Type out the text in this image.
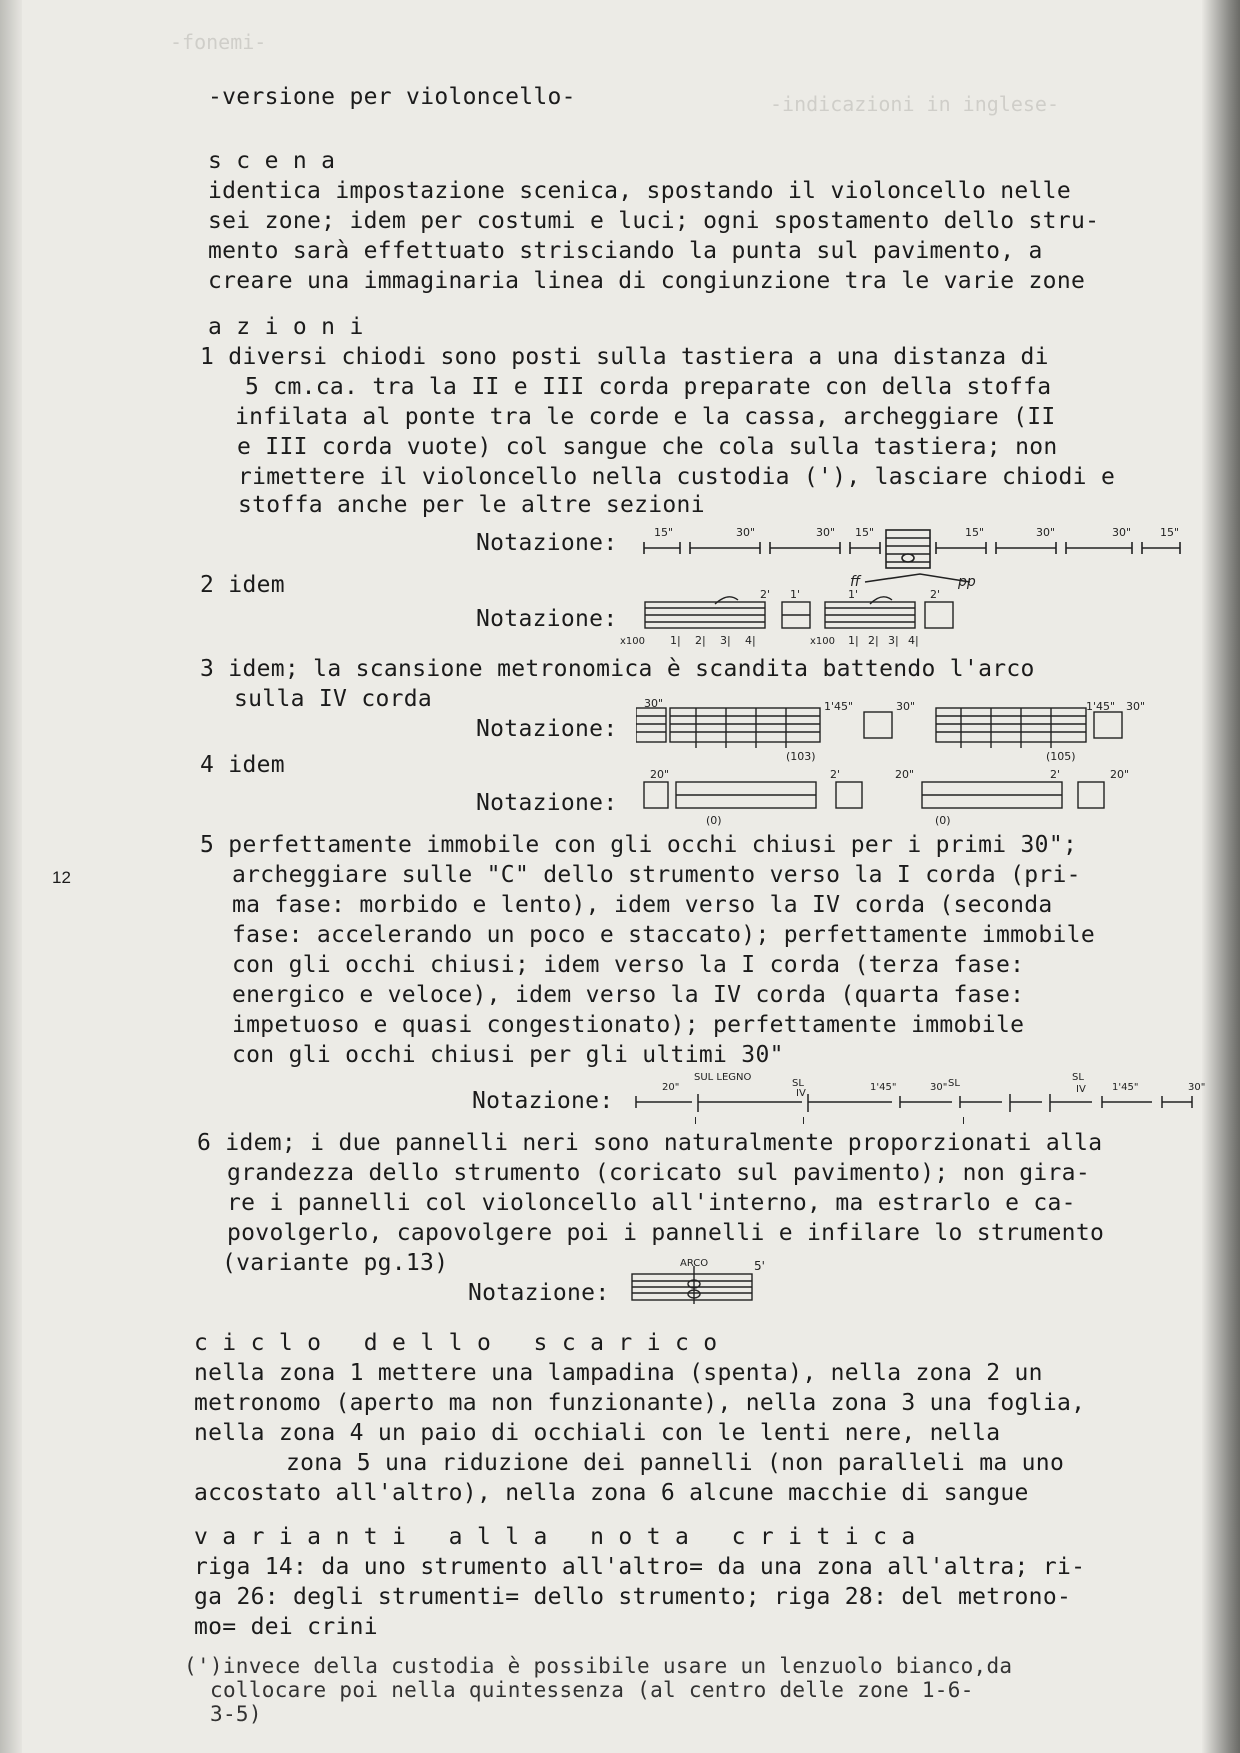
-fonemi-
-indicazioni in inglese-
12
-versione per violoncello-
s c e n a
identica impostazione scenica, spostando il violoncello nelle
sei zone; idem per costumi e luci; ogni spostamento dello stru-
mento sarà effettuato strisciando la punta sul pavimento, a
creare una immaginaria linea di congiunzione tra le varie zone
a z i o n i
1 diversi chiodi sono posti sulla tastiera a una distanza di
5 cm.ca. tra la II e III corda preparate con della stoffa
infilata al ponte tra le corde e la cassa, archeggiare (II
e III corda vuote) col sangue che cola sulla tastiera; non
rimettere il violoncello nella custodia ('), lasciare chiodi e
stoffa anche per le altre sezioni
Notazione:	15"	30"	30" 15"	15"	30"	30"	15"
ff	pp
2 idem
Notazione:
2' 1'	1'	2'
x100 1| 2| 3| 4|	x100 1| 2| 3| 4|
3 idem; la scansione metronomica è scandita battendo l'arco
sulla IV corda
Notazione:
30"	1'45"	30"	1'45" 30"
(103)	(105)
4 idem
Notazione:
20"	2'	20"	2'	20"
(0)	(0)
5 perfettamente immobile con gli occhi chiusi per i primi 30";
archeggiare sulle "C" dello strumento verso la I corda (pri-
ma fase: morbido e lento), idem verso la IV corda (seconda
fase: accelerando un poco e staccato); perfettamente immobile
con gli occhi chiusi; idem verso la I corda (terza fase:
energico e veloce), idem verso la IV corda (quarta fase:
impetuoso e quasi congestionato); perfettamente immobile
con gli occhi chiusi per gli ultimi 30"
Notazione:
20"
SUL LEGNO
SL
IV
1'45"	30" SL
SL
IV	1'45"	30"
I	I	I
6 idem; i due pannelli neri sono naturalmente proporzionati alla
grandezza dello strumento (coricato sul pavimento); non gira-
re i pannelli col violoncello all'interno, ma estrarlo e ca-
povolgerlo, capovolgere poi i pannelli e infilare lo strumento
(variante pg.13)
Notazione:
ARCO	5'
c i c l o   d e l l o   s c a r i c o
nella zona 1 mettere una lampadina (spenta), nella zona 2 un
metronomo (aperto ma non funzionante), nella zona 3 una foglia,
nella zona 4 un paio di occhiali con le lenti nere, nella
zona 5 una riduzione dei pannelli (non paralleli ma uno
accostato all'altro), nella zona 6 alcune macchie di sangue
v a r i a n t i   a l l a   n o t a   c r i t i c a
riga 14: da uno strumento all'altro= da una zona all'altra; ri-
ga 26: degli strumenti= dello strumento; riga 28: del metrono-
mo= dei crini
(')invece della custodia è possibile usare un lenzuolo bianco,da
collocare poi nella quintessenza (al centro delle zone 1-6-
3-5)
